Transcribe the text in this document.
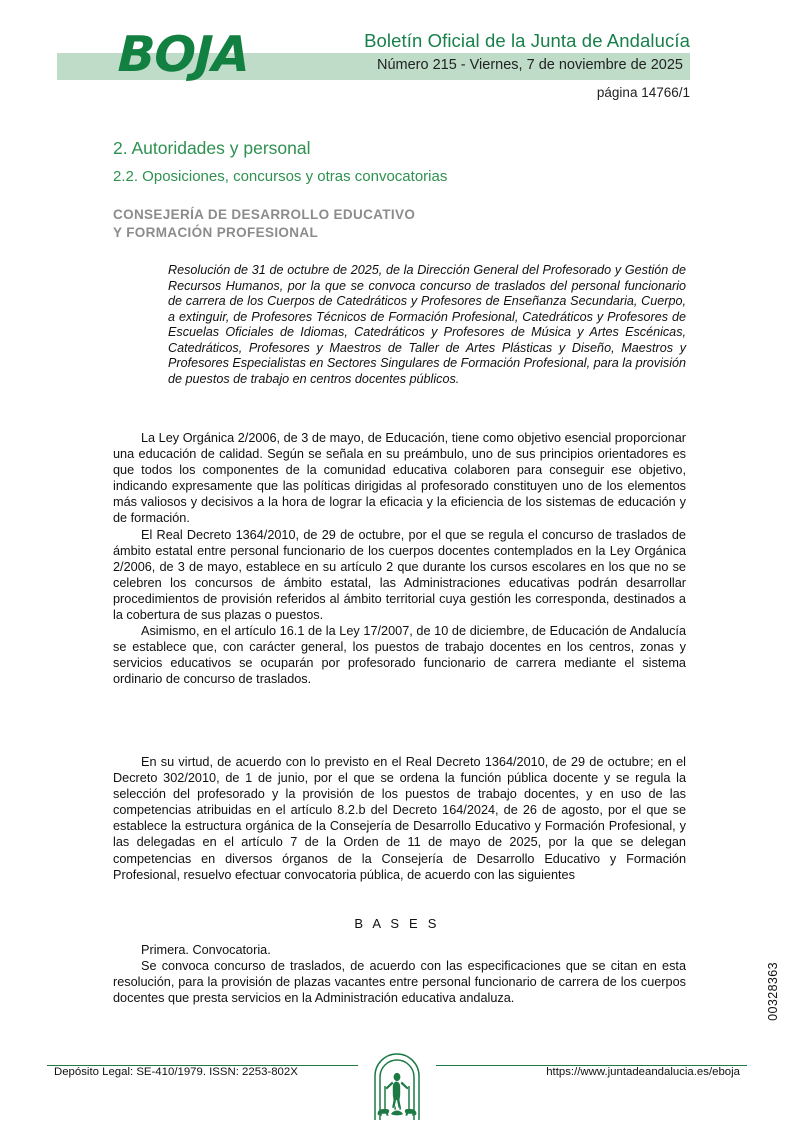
BOJA	Boletín Oficial de la Junta de Andalucía
Número 215 - Viernes, 7 de noviembre de 2025
página 14766/1
2. Autoridades y personal
2.2. Oposiciones, concursos y otras convocatorias
CONSEJERÍA DE DESARROLLO EDUCATIVO
Y FORMACIÓN PROFESIONAL
Resolución de 31 de octubre de 2025, de la Dirección General del Profesorado y Gestión de Recursos Humanos, por la que se convoca concurso de traslados del personal funcionario de carrera de los Cuerpos de Catedráticos y Profesores de Enseñanza Secundaria, Cuerpo, a extinguir, de Profesores Técnicos de Formación Profesional, Catedráticos y Profesores de Escuelas Oficiales de Idiomas, Catedráticos y Profesores de Música y Artes Escénicas, Catedráticos, Profesores y Maestros de Taller de Artes Plásticas y Diseño, Maestros y Profesores Especialistas en Sectores Singulares de Formación Profesional, para la provisión de puestos de trabajo en centros docentes públicos.

La Ley Orgánica 2/2006, de 3 de mayo, de Educación, tiene como objetivo esencial proporcionar una educación de calidad. Según se señala en su preámbulo, uno de sus principios orientadores es que todos los componentes de la comunidad educativa colaboren para conseguir ese objetivo, indicando expresamente que las políticas dirigidas al profesorado constituyen uno de los elementos más valiosos y decisivos a la hora de lograr la eficacia y la eficiencia de los sistemas de educación y de formación.

El Real Decreto 1364/2010, de 29 de octubre, por el que se regula el concurso de traslados de ámbito estatal entre personal funcionario de los cuerpos docentes contemplados en la Ley Orgánica 2/2006, de 3 de mayo, establece en su artículo 2 que durante los cursos escolares en los que no se celebren los concursos de ámbito estatal, las Administraciones educativas podrán desarrollar procedimientos de provisión referidos al ámbito territorial cuya gestión les corresponda, destinados a la cobertura de sus plazas o puestos.

Asimismo, en el artículo 16.1 de la Ley 17/2007, de 10 de diciembre, de Educación de Andalucía se establece que, con carácter general, los puestos de trabajo docentes en los centros, zonas y servicios educativos se ocuparán por profesorado funcionario de carrera mediante el sistema ordinario de concurso de traslados.

En su virtud, de acuerdo con lo previsto en el Real Decreto 1364/2010, de 29 de octubre; en el Decreto 302/2010, de 1 de junio, por el que se ordena la función pública docente y se regula la selección del profesorado y la provisión de los puestos de trabajo docentes, y en uso de las competencias atribuidas en el artículo 8.2.b del Decreto 164/2024, de 26 de agosto, por el que se establece la estructura orgánica de la Consejería de Desarrollo Educativo y Formación Profesional, y las delegadas en el artículo 7 de la Orden de 11 de mayo de 2025, por la que se delegan competencias en diversos órganos de la Consejería de Desarrollo Educativo y Formación Profesional, resuelvo efectuar convocatoria pública, de acuerdo con las siguientes

B A S E S

Primera. Convocatoria.

Se convoca concurso de traslados, de acuerdo con las especificaciones que se citan en esta resolución, para la provisión de plazas vacantes entre personal funcionario de carrera de los cuerpos docentes que presta servicios en la Administración educativa andaluza.	00328363
Depósito Legal: SE-410/1979. ISSN: 2253-802X	https://www.juntadeandalucia.es/eboja
